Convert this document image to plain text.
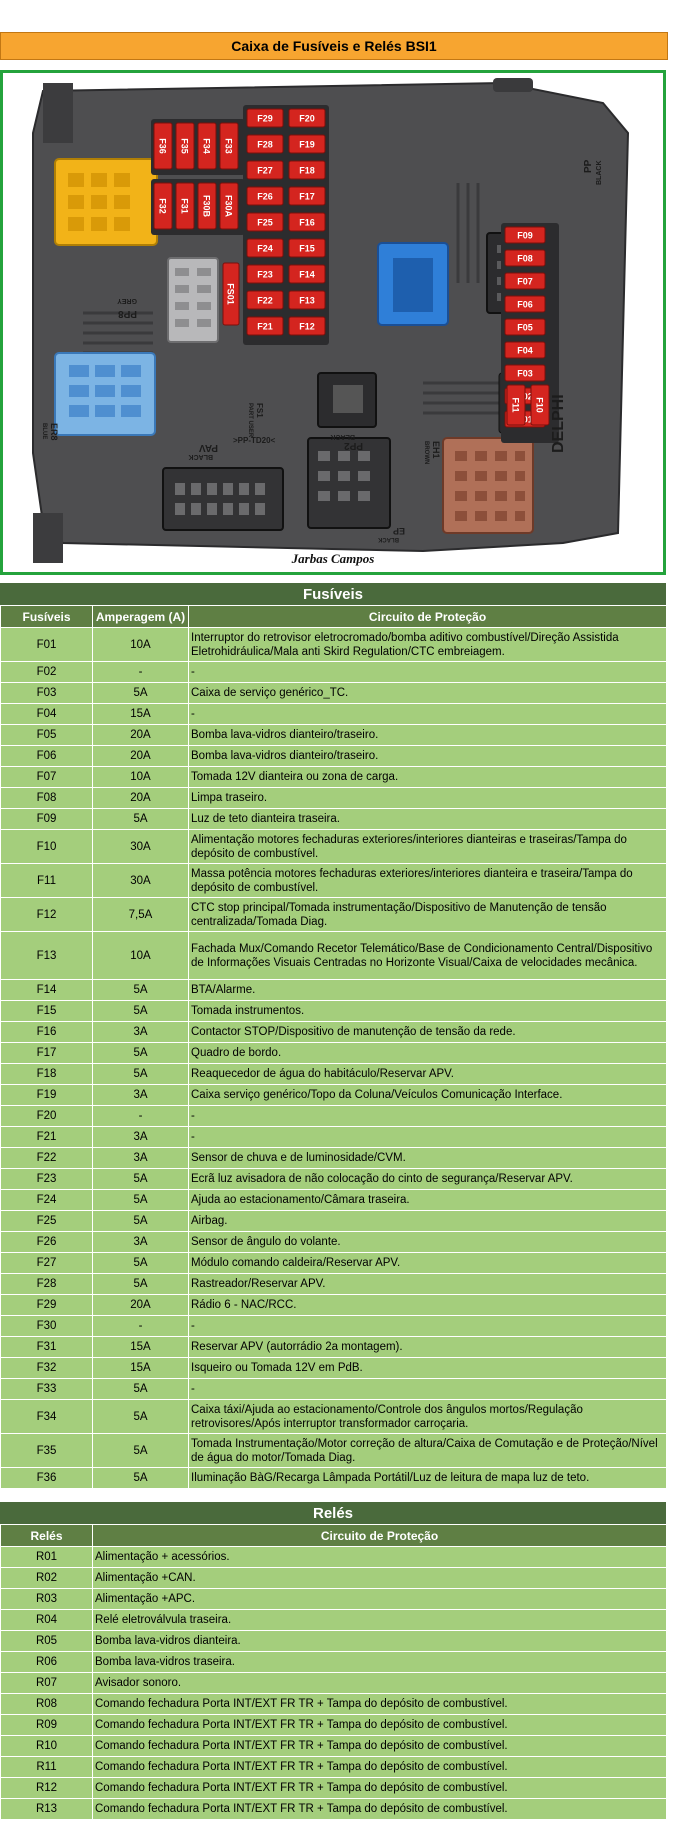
Caixa de Fusíveis e Relés BSI1
F36 F35 F34 F33
F32 F31 F30B F30A
F29
F28
F27
F26
F25
F24
F23
F22
F21
F20
F19
F18
F17
F16
F15
F14
F13
F12
F09
F08
F07
F06
F05
F04
F03
F11 F10
FS01
PP8
GREY
PP BLACK
ER8
BLUE
PAV
BLACK
PP2
BLACK
EH1
BROWN
EP
BLACK
FS1
PART USER
>PP-TD20<	DELPHI
Jarbas Campos
Fusíveis
Fusíveis	Amperagem (A)	Circuito de Proteção
F01	10A	Interruptor do retrovisor eletrocromado/bomba aditivo combustível/Direção Assistida Eletrohidráulica/Mala anti Skird Regulation/CTC embreiagem.
F02	-	-
F03	5A	Caixa de serviço genérico_TC.
F04	15A	-
F05	20A	Bomba lava-vidros dianteiro/traseiro.
F06	20A	Bomba lava-vidros dianteiro/traseiro.
F07	10A	Tomada 12V dianteira ou zona de carga.
F08	20A	Limpa traseiro.
F09	5A	Luz de teto dianteira traseira.
F10	30A	Alimentação motores fechaduras exteriores/interiores dianteiras e traseiras/Tampa do depósito de combustível.
F11	30A	Massa potência motores fechaduras exteriores/interiores dianteira e traseira/Tampa do depósito de combustível.
F12	7,5A	CTC stop principal/Tomada instrumentação/Dispositivo de Manutenção de tensão centralizada/Tomada Diag.
F13	10A	Fachada Mux/Comando Recetor Telemático/Base de Condicionamento Central/Dispositivo de Informações Visuais Centradas no Horizonte Visual/Caixa de velocidades mecânica.
F14	5A	BTA/Alarme.
F15	5A	Tomada instrumentos.
F16	3A	Contactor STOP/Dispositivo de manutenção de tensão da rede.
F17	5A	Quadro de bordo.
F18	5A	Reaquecedor de água do habitáculo/Reservar APV.
F19	3A	Caixa serviço genérico/Topo da Coluna/Veículos Comunicação Interface.
F20	-	-
F21	3A	-
F22	3A	Sensor de chuva e de luminosidade/CVM.
F23	5A	Ecrã luz avisadora de não colocação do cinto de segurança/Reservar APV.
F24	5A	Ajuda ao estacionamento/Câmara traseira.
F25	5A	Airbag.
F26	3A	Sensor de ângulo do volante.
F27	5A	Módulo comando caldeira/Reservar APV.
F28	5A	Rastreador/Reservar APV.
F29	20A	Rádio 6 - NAC/RCC.
F30	-	-
F31	15A	Reservar APV (autorrádio 2a montagem).
F32	15A	Isqueiro ou Tomada 12V em PdB.
F33	5A	-
F34	5A	Caixa táxi/Ajuda ao estacionamento/Controle dos ângulos mortos/Regulação retrovisores/Após interruptor transformador carroçaria.
F35	5A	Tomada Instrumentação/Motor correção de altura/Caixa de Comutação e de Proteção/Nível de água do motor/Tomada Diag.
F36	5A	Iluminação BàG/Recarga Lâmpada Portátil/Luz de leitura de mapa luz de teto.
Relés
Relés	Circuito de Proteção
R01	Alimentação + acessórios.
R02	Alimentação +CAN.
R03	Alimentação +APC.
R04	Relé eletroválvula traseira.
R05	Bomba lava-vidros dianteira.
R06	Bomba lava-vidros traseira.
R07	Avisador sonoro.
R08	Comando fechadura Porta INT/EXT FR TR + Tampa do depósito de combustível.
R09	Comando fechadura Porta INT/EXT FR TR + Tampa do depósito de combustível.
R10	Comando fechadura Porta INT/EXT FR TR + Tampa do depósito de combustível.
R11	Comando fechadura Porta INT/EXT FR TR + Tampa do depósito de combustível.
R12	Comando fechadura Porta INT/EXT FR TR + Tampa do depósito de combustível.
R13	Comando fechadura Porta INT/EXT FR TR + Tampa do depósito de combustível.
